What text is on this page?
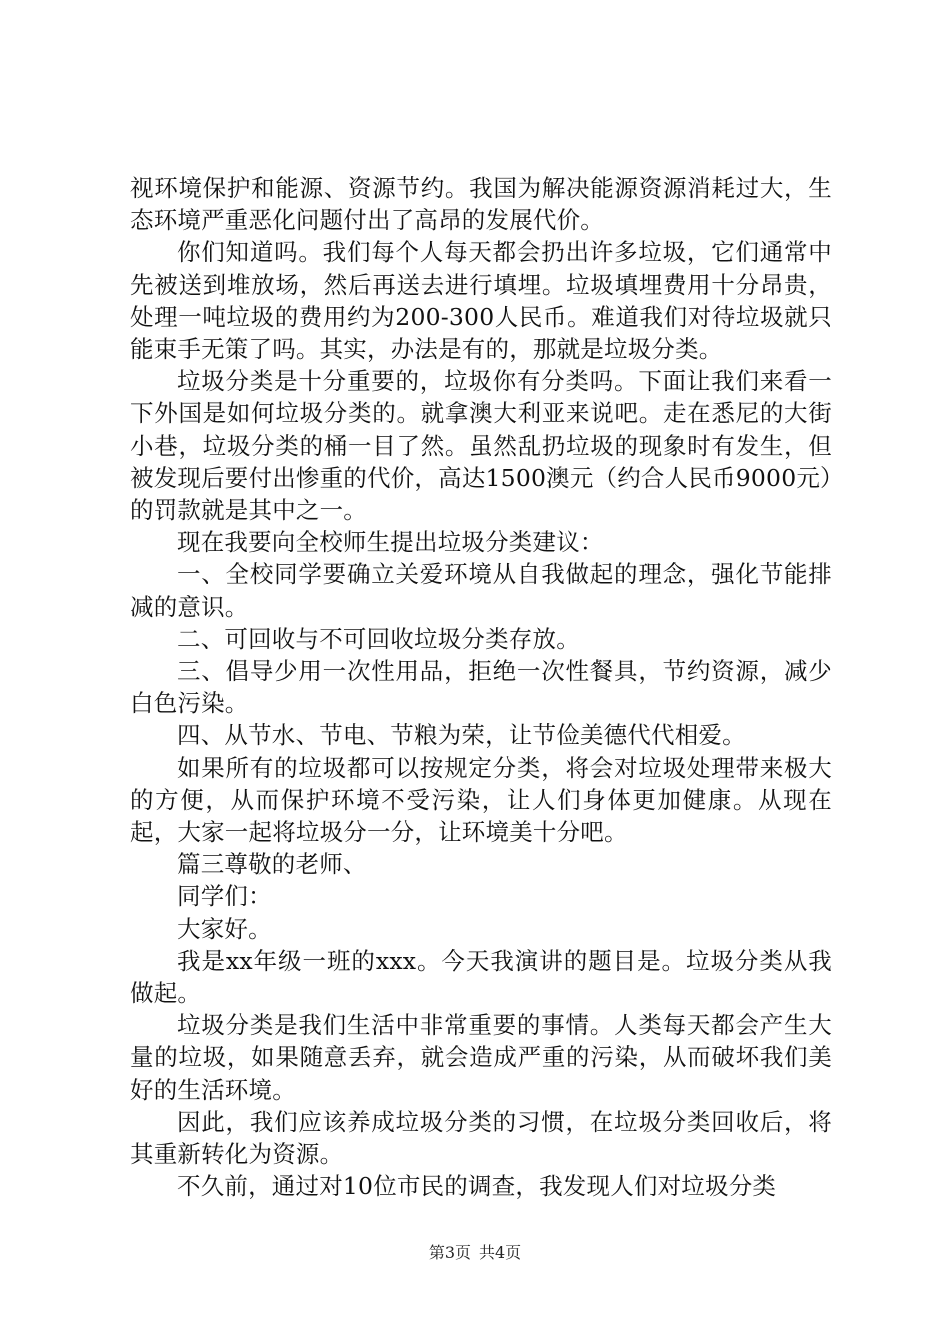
视环境保护和能源、资源节约。我国为解决能源资源消耗过大，生态环境严重恶化问题付出了高昂的发展代价。

你们知道吗。我们每个人每天都会扔出许多垃圾，它们通常中先被送到堆放场，然后再送去进行填埋。垃圾填埋费用十分昂贵，处理一吨垃圾的费用约为200-300人民币。难道我们对待垃圾就只能束手无策了吗。其实，办法是有的，那就是垃圾分类。

垃圾分类是十分重要的，垃圾你有分类吗。下面让我们来看一下外国是如何垃圾分类的。就拿澳大利亚来说吧。走在悉尼的大街小巷，垃圾分类的桶一目了然。虽然乱扔垃圾的现象时有发生，但被发现后要付出惨重的代价，高达1500澳元（约合人民币9000元）的罚款就是其中之一。

现在我要向全校师生提出垃圾分类建议：

一、全校同学要确立关爱环境从自我做起的理念，强化节能排减的意识。

二、可回收与不可回收垃圾分类存放。

三、倡导少用一次性用品，拒绝一次性餐具，节约资源，减少白色污染。

四、从节水、节电、节粮为荣，让节俭美德代代相爱。

如果所有的垃圾都可以按规定分类，将会对垃圾处理带来极大的方便，从而保护环境不受污染，让人们身体更加健康。从现在起，大家一起将垃圾分一分，让环境美十分吧。

篇三尊敬的老师、

同学们：

大家好。

我是xx年级一班的xxx。今天我演讲的题目是。垃圾分类从我做起。

垃圾分类是我们生活中非常重要的事情。人类每天都会产生大量的垃圾，如果随意丢弃，就会造成严重的污染，从而破坏我们美好的生活环境。

因此，我们应该养成垃圾分类的习惯，在垃圾分类回收后，将其重新转化为资源。

不久前，通过对10位市民的调查，我发现人们对垃圾分类

第3页 共4页
